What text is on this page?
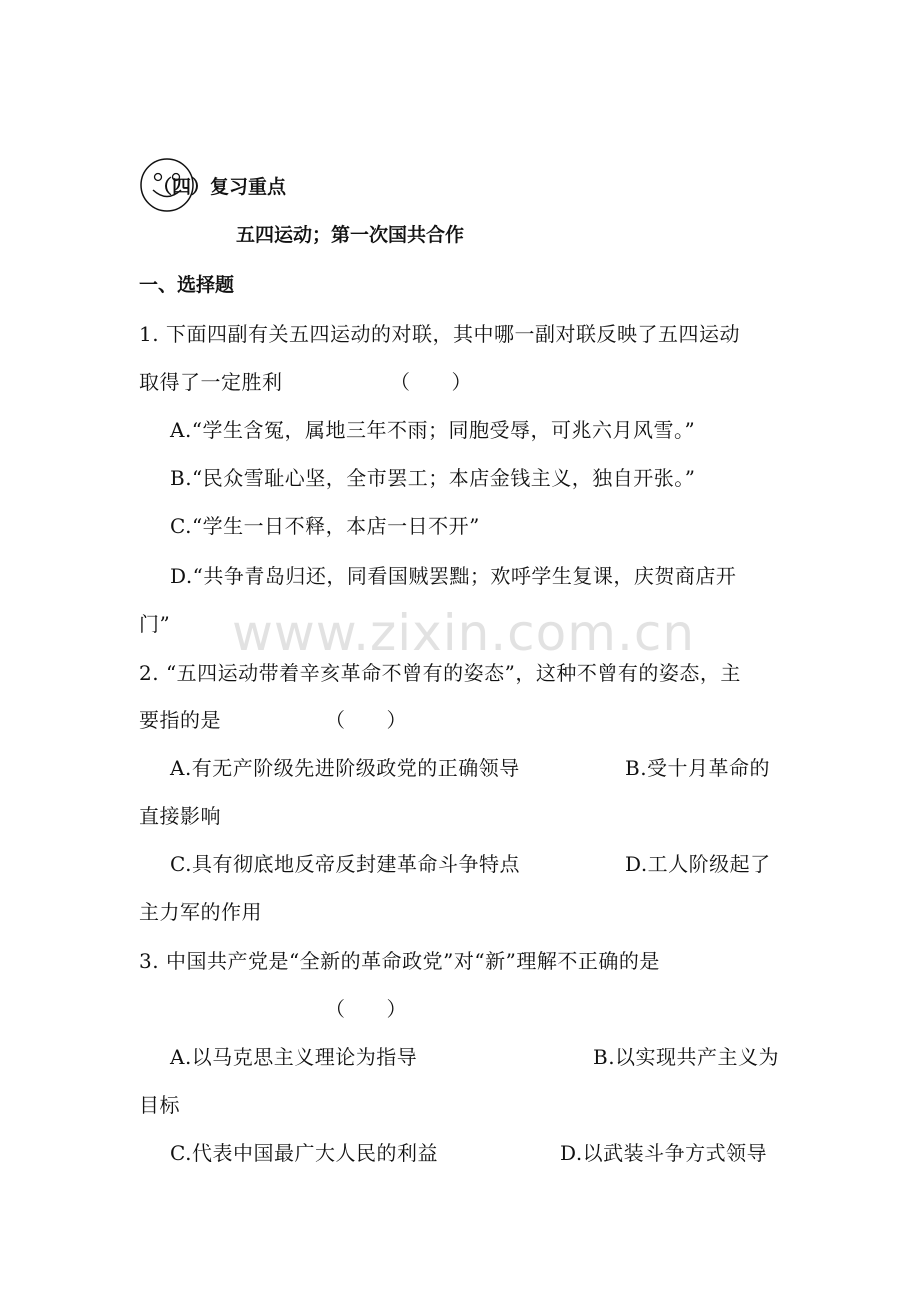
（四）复习重点
五四运动；第一次国共合作
一、选择题
www.zixin.com.cn
1. 下面四副有关五四运动的对联，其中哪一副对联反映了五四运动
取得了一定胜利	（　　）
A.“学生含冤，属地三年不雨；同胞受辱，可兆六月风雪。”
B.“民众雪耻心坚，全市罢工；本店金钱主义，独自开张。”
C.“学生一日不释，本店一日不开”
D.“共争青岛归还，同看国贼罢黜；欢呼学生复课，庆贺商店开
门”
2. “五四运动带着辛亥革命不曾有的姿态”，这种不曾有的姿态，主
要指的是	（　　）
A.有无产阶级先进阶级政党的正确领导	B.受十月革命的
直接影响
C.具有彻底地反帝反封建革命斗争特点	D.工人阶级起了
主力军的作用
3. 中国共产党是“全新的革命政党”对“新”理解不正确的是
（　　）
A.以马克思主义理论为指导	B.以实现共产主义为
目标
C.代表中国最广大人民的利益	D.以武装斗争方式领导
